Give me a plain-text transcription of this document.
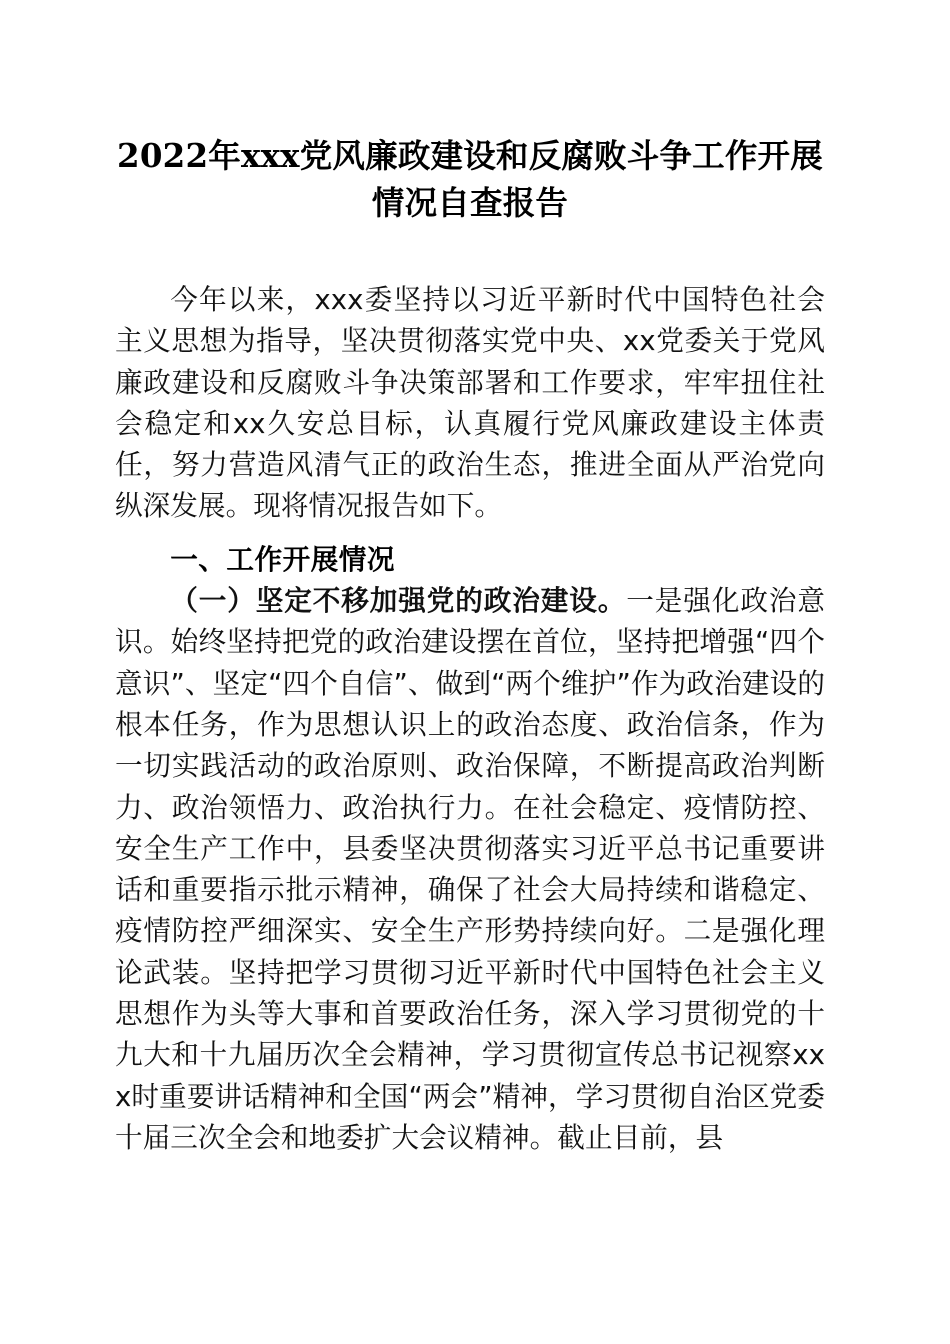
2022年xxx党风廉政建设和反腐败斗争工作开展情况自查报告

今年以来，xxx委坚持以习近平新时代中国特色社会主义思想为指导，坚决贯彻落实党中央、xx党委关于党风廉政建设和反腐败斗争决策部署和工作要求，牢牢扭住社会稳定和xx久安总目标，认真履行党风廉政建设主体责任，努力营造风清气正的政治生态，推进全面从严治党向纵深发展。现将情况报告如下。

一、工作开展情况

（一）坚定不移加强党的政治建设。一是强化政治意识。始终坚持把党的政治建设摆在首位，坚持把增强“四个意识”、坚定“四个自信”、做到“两个维护”作为政治建设的根本任务，作为思想认识上的政治态度、政治信条，作为一切实践活动的政治原则、政治保障，不断提高政治判断力、政治领悟力、政治执行力。在社会稳定、疫情防控、安全生产工作中，县委坚决贯彻落实习近平总书记重要讲话和重要指示批示精神，确保了社会大局持续和谐稳定、疫情防控严细深实、安全生产形势持续向好。二是强化理论武装。坚持把学习贯彻习近平新时代中国特色社会主义思想作为头等大事和首要政治任务，深入学习贯彻党的十九大和十九届历次全会精神，学习贯彻宣传总书记视察xxx时重要讲话精神和全国“两会”精神，学习贯彻自治区党委十届三次全会和地委扩大会议精神。截止目前，县
